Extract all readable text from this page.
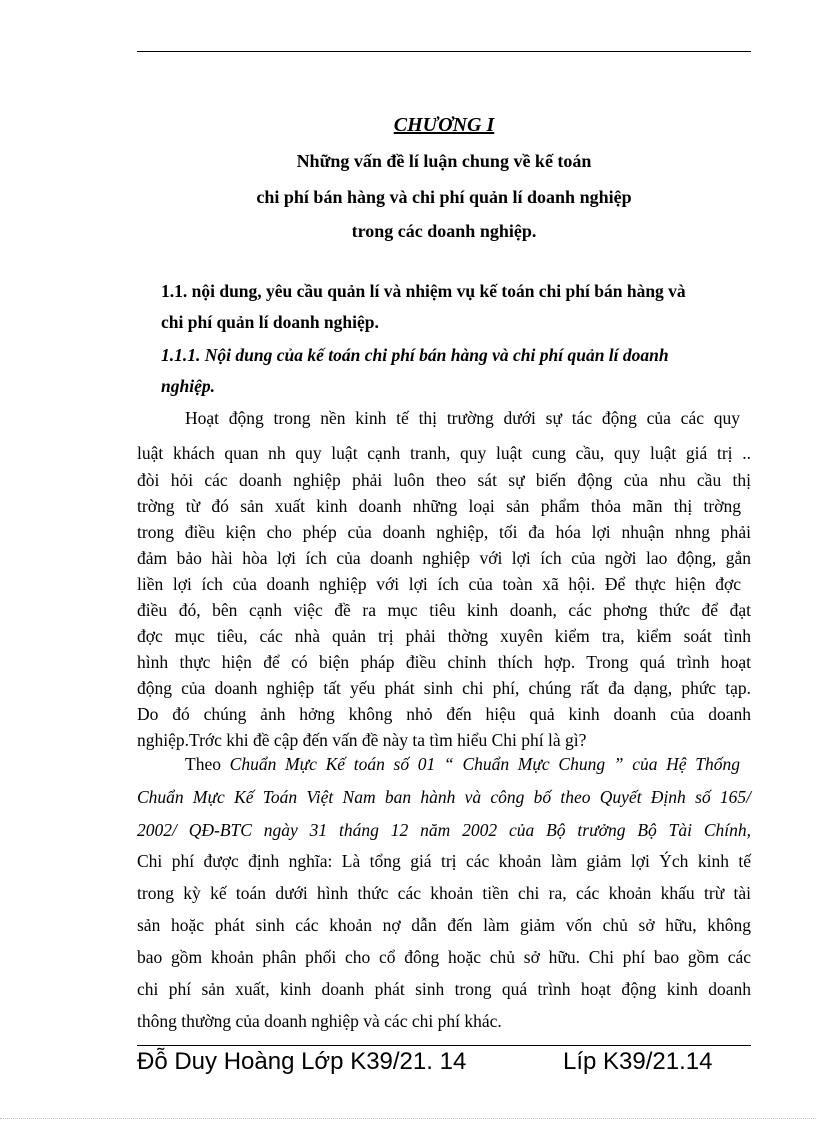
CHƯƠNG I
Những vấn đề lí luận chung về kế toán
chi phí bán hàng và chi phí quản lí doanh nghiệp
trong các doanh nghiệp.
1.1. nội dung, yêu cầu quản lí và nhiệm vụ kế toán chi phí bán hàng và
chi phí quản lí doanh nghiệp.
1.1.1. Nội dung của kế toán chi phí bán hàng và chi phí quản lí doanh
nghiệp.
Hoạt động trong nền kinh tế thị trường dưới sự tác động của các quy
luật khách quan nh quy luật cạnh tranh, quy luật cung cầu, quy luật giá trị ..
đòi hỏi các doanh nghiệp phải luôn theo sát sự biến động của nhu cầu thị
trờng từ đó sản xuất kinh doanh những loại sản phẩm thỏa mãn thị trờng
trong điều kiện cho phép của doanh nghiệp, tối đa hóa lợi nhuận nhng phải
đảm bảo hài hòa lợi ích của doanh nghiệp với lợi ích của ngời lao động, gắn
liền lợi ích của doanh nghiệp với lợi ích của toàn xã hội. Để thực hiện đợc
điều đó, bên cạnh việc đề ra mục tiêu kinh doanh, các phơng thức để đạt
đợc mục tiêu, các nhà quản trị phải thờng xuyên kiểm tra, kiểm soát tình
hình thực hiện để có biện pháp điều chỉnh thích hợp. Trong quá trình hoạt
động của doanh nghiệp tất yếu phát sinh chi phí, chúng rất đa dạng, phức tạp.
Do đó chúng ảnh hởng không nhỏ đến hiệu quả kinh doanh của doanh
nghiệp.Trớc khi đề cập đến vấn đề này ta tìm hiểu Chi phí là gì?
Theo Chuẩn Mực Kế toán số 01 “ Chuẩn Mực Chung ” của Hệ Thống
Chuẩn Mực Kế Toán Việt Nam ban hành và công bố theo Quyết Định số 165/
2002/ QĐ-BTC ngày 31 tháng 12 năm 2002 của Bộ trưởng Bộ Tài Chính,
Chi phí được định nghĩa: Là tổng giá trị các khoản làm giảm lợi Ých kinh tế
trong kỳ kế toán dưới hình thức các khoản tiền chi ra, các khoản khấu trừ tài
sản hoặc phát sinh các khoản nợ dẫn đến làm giảm vốn chủ sở hữu, không
bao gồm khoản phân phối cho cổ đông hoặc chủ sở hữu. Chi phí bao gồm các
chi phí sản xuất, kinh doanh phát sinh trong quá trình hoạt động kinh doanh
thông thường của doanh nghiệp và các chi phí khác.
Đỗ Duy Hoàng Lớp K39/21. 14	Líp K39/21.14
